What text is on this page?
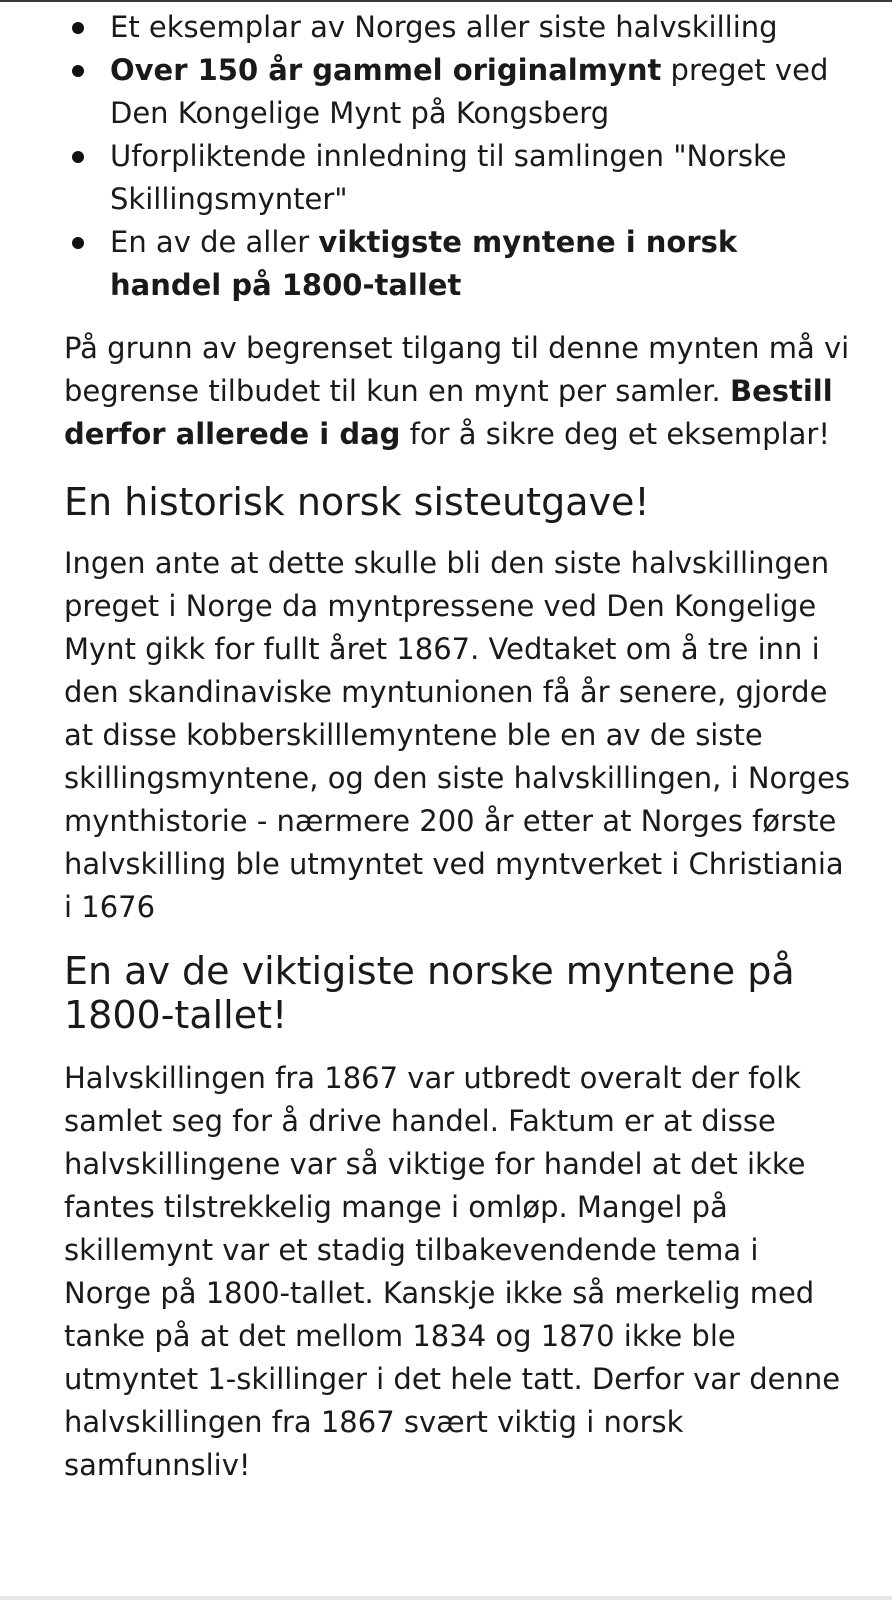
Et eksemplar av Norges aller siste halvskilling
Over 150 år gammel originalmynt preget ved Den Kongelige Mynt på Kongsberg
Uforpliktende innledning til samlingen "Norske Skillingsmynter"
En av de aller viktigste myntene i norsk handel på 1800-tallet

På grunn av begrenset tilgang til denne mynten må vi begrense tilbudet til kun en mynt per samler. Bestill derfor allerede i dag for å sikre deg et eksemplar!

En historisk norsk sisteutgave!

Ingen ante at dette skulle bli den siste halvskillingen preget i Norge da myntpressene ved Den Kongelige Mynt gikk for fullt året 1867. Vedtaket om å tre inn i den skandinaviske myntunionen få år senere, gjorde at disse kobberskilllemyntene ble en av de siste skillingsmyntene, og den siste halvskillingen, i Norges mynthistorie - nærmere 200 år etter at Norges første halvskilling ble utmyntet ved myntverket i Christiania i 1676

En av de viktigiste norske myntene på 1800-tallet!

Halvskillingen fra 1867 var utbredt overalt der folk samlet seg for å drive handel. Faktum er at disse halvskillingene var så viktige for handel at det ikke fantes tilstrekkelig mange i omløp. Mangel på skillemynt var et stadig tilbakevendende tema i Norge på 1800-tallet. Kanskje ikke så merkelig med tanke på at det mellom 1834 og 1870 ikke ble utmyntet 1-skillinger i det hele tatt. Derfor var denne halvskillingen fra 1867 svært viktig i norsk samfunnsliv!
